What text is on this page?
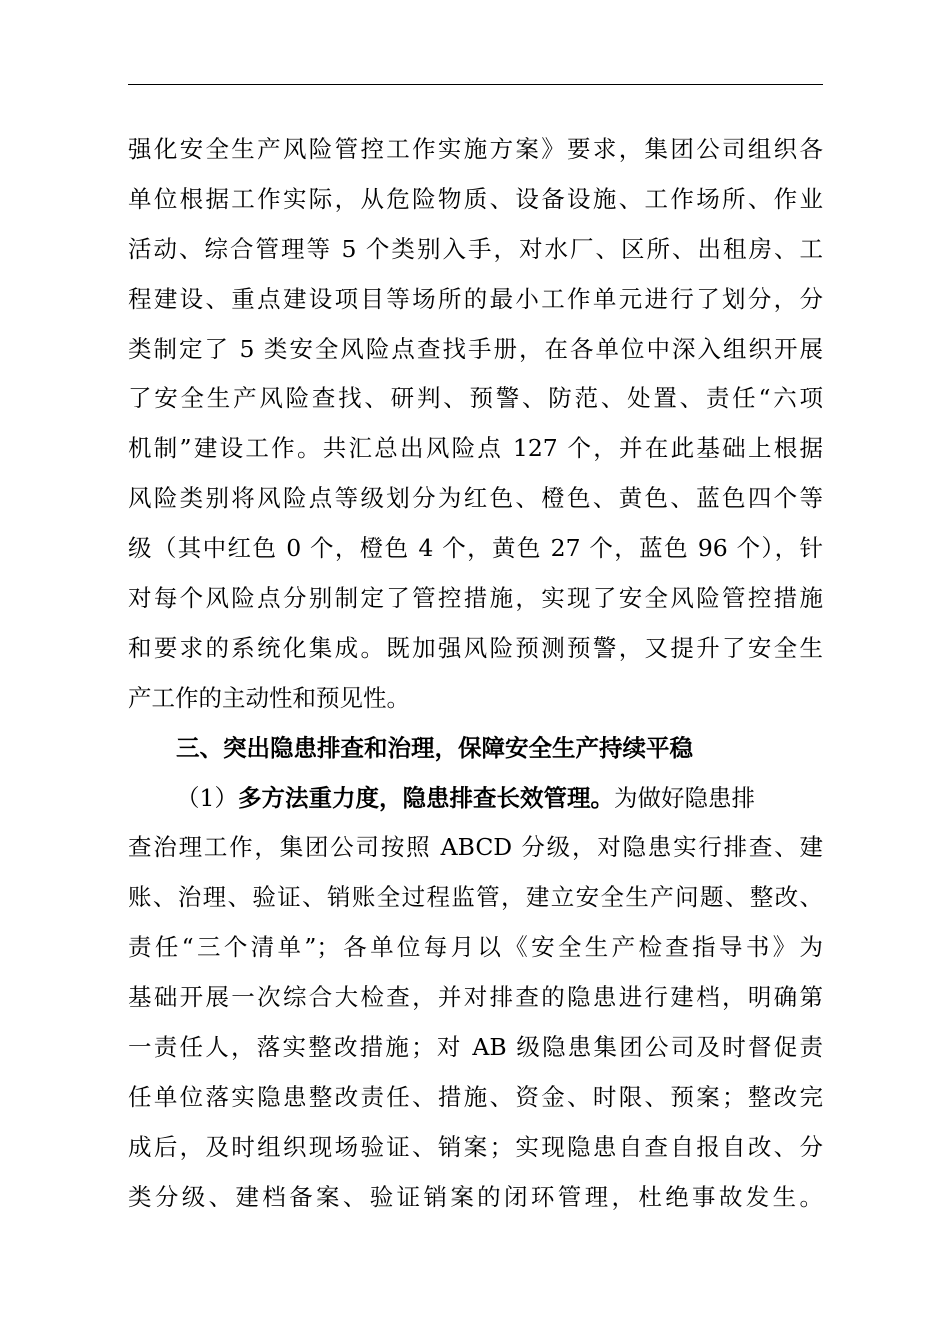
强化安全生产风险管控工作实施方案》要求，集团公司组织各
单位根据工作实际，从危险物质、设备设施、工作场所、作业
活动、综合管理等 5 个类别入手，对水厂、区所、出租房、工
程建设、重点建设项目等场所的最小工作单元进行了划分，分
类制定了 5 类安全风险点查找手册，在各单位中深入组织开展
了安全生产风险查找、研判、预警、防范、处置、责任“六项
机制”建设工作。共汇总出风险点 127 个，并在此基础上根据
风险类别将风险点等级划分为红色、橙色、黄色、蓝色四个等
级（其中红色 0 个，橙色 4 个，黄色 27 个，蓝色 96 个），针
对每个风险点分别制定了管控措施，实现了安全风险管控措施
和要求的系统化集成。既加强风险预测预警，又提升了安全生
产工作的主动性和预见性。
三、突出隐患排查和治理，保障安全生产持续平稳
（1）多方法重力度，隐患排查长效管理。为做好隐患排
查治理工作，集团公司按照 ABCD 分级，对隐患实行排查、建
账、治理、验证、销账全过程监管，建立安全生产问题、整改、
责任“三个清单”；各单位每月以《安全生产检查指导书》为
基础开展一次综合大检查，并对排查的隐患进行建档，明确第
一责任人，落实整改措施；对 AB 级隐患集团公司及时督促责
任单位落实隐患整改责任、措施、资金、时限、预案；整改完
成后，及时组织现场验证、销案；实现隐患自查自报自改、分
类分级、建档备案、验证销案的闭环管理，杜绝事故发生。
